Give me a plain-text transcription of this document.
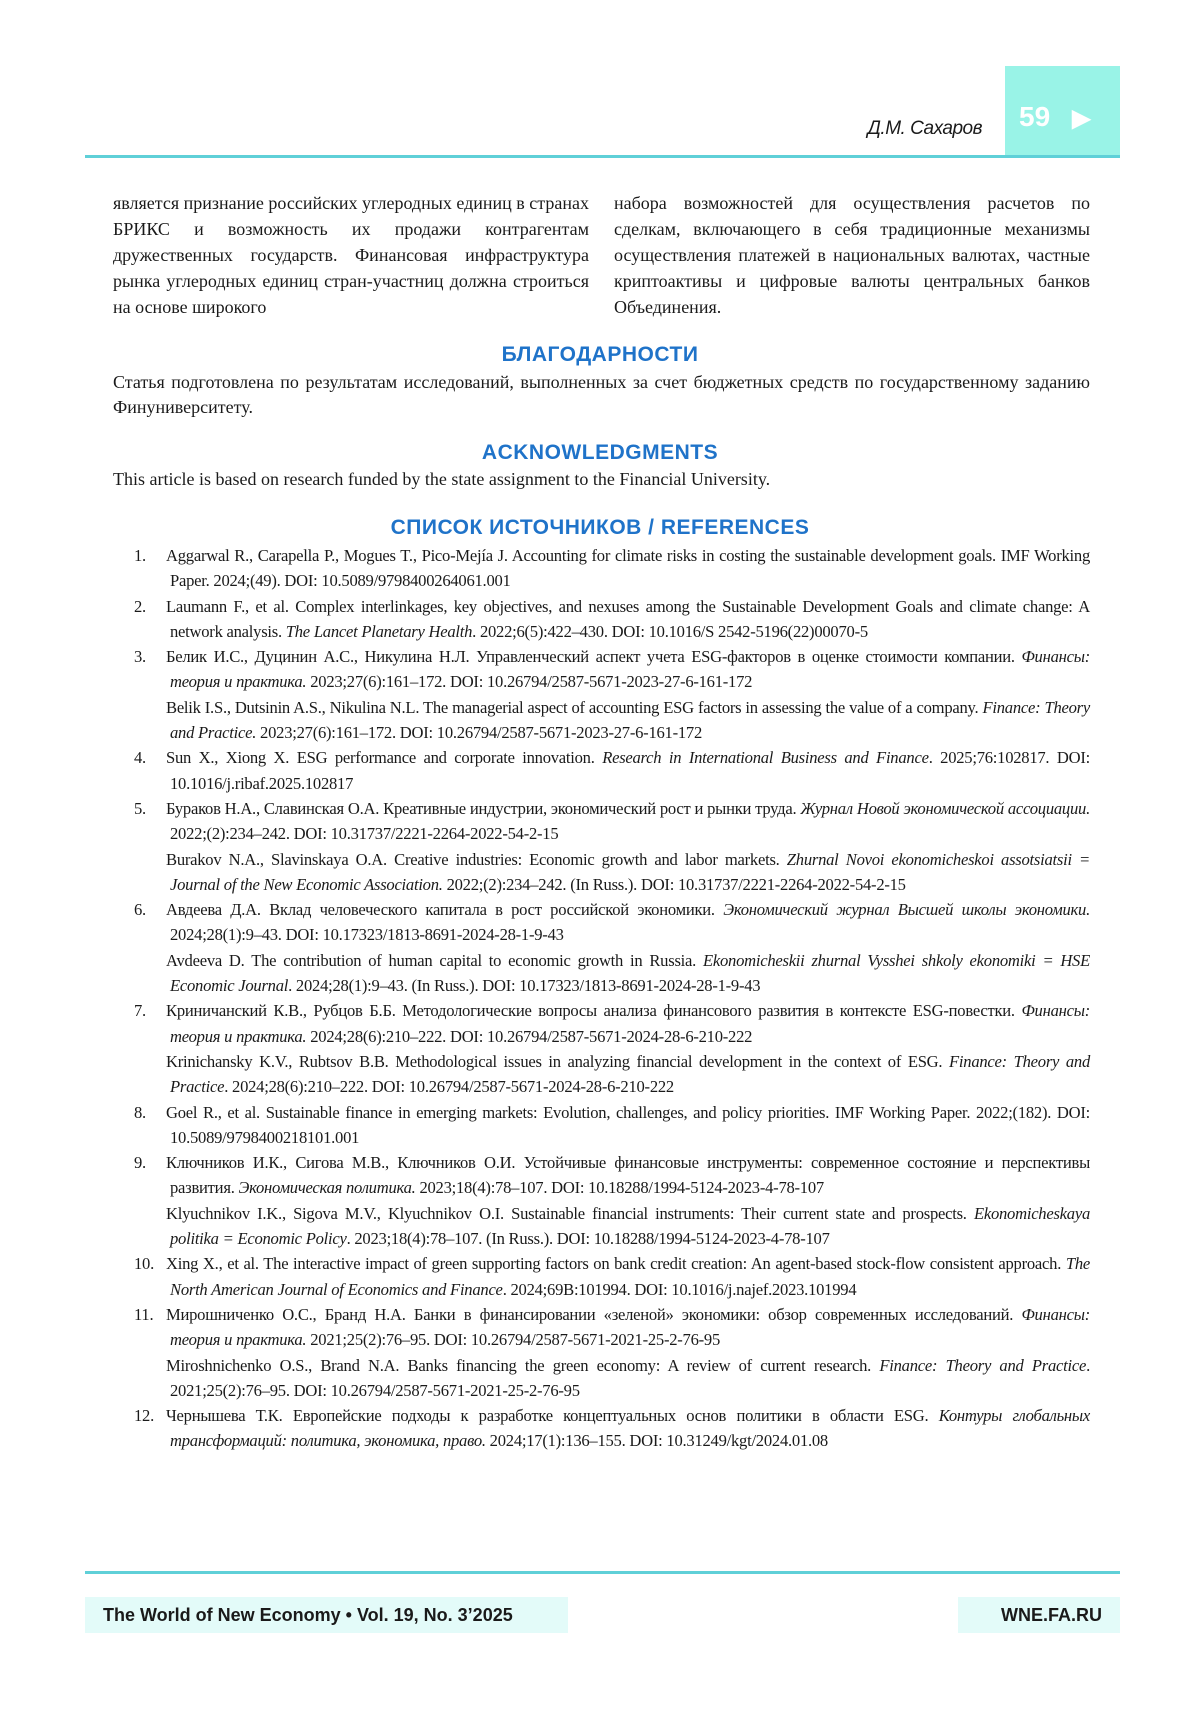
Д.М. Сахаров 59 ▶
является признание российских углеродных единиц в странах БРИКС и возможность их продажи контрагентам дружественных государств. Финансовая инфраструктура рынка углеродных единиц стран-участниц должна строиться на основе широкого
набора возможностей для осуществления расчетов по сделкам, включающего в себя традиционные механизмы осуществления платежей в национальных валютах, частные криптоактивы и цифровые валюты центральных банков Объединения.
БЛАГОДАРНОСТИ
Статья подготовлена по результатам исследований, выполненных за счет бюджетных средств по государственному заданию Финуниверситету.
ACKNOWLEDGMENTS
This article is based on research funded by the state assignment to the Financial University.
СПИСОК ИСТОЧНИКОВ / REFERENCES
1.	Aggarwal R., Carapella P., Mogues T., Pico-Mejía J. Accounting for climate risks in costing the sustainable development goals. IMF Working Paper. 2024;(49). DOI: 10.5089/9798400264061.001

2.	Laumann F., et al. Complex interlinkages, key objectives, and nexuses among the Sustainable Development Goals and climate change: A network analysis. The Lancet Planetary Health. 2022;6(5):422–430. DOI: 10.1016/S 2542-5196(22)00070-5

3.	Белик И.С., Дуцинин А.С., Никулина Н.Л. Управленческий аспект учета ESG-факторов в оценке стоимости компании. Финансы: теория и практика. 2023;27(6):161–172. DOI: 10.26794/2587-5671-2023-27-6-161-172

Belik I.S., Dutsinin A.S., Nikulina N.L. The managerial aspect of accounting ESG factors in assessing the value of a company. Finance: Theory and Practice. 2023;27(6):161–172. DOI: 10.26794/2587-5671-2023-27-6-161-172

4.	Sun X., Xiong X. ESG performance and corporate innovation. Research in International Business and Finance. 2025;76:102817. DOI: 10.1016/j.ribaf.2025.102817

5.	Бураков Н.А., Славинская О.А. Креативные индустрии, экономический рост и рынки труда. Журнал Новой экономической ассоциации. 2022;(2):234–242. DOI: 10.31737/2221-2264-2022-54-2-15

Burakov N.A., Slavinskaya O.A. Creative industries: Economic growth and labor markets. Zhurnal Novoi ekonomicheskoi assotsiatsii = Journal of the New Economic Association. 2022;(2):234–242. (In Russ.). DOI: 10.31737/2221-2264-2022-54-2-15

6.	Авдеева Д.А. Вклад человеческого капитала в рост российской экономики. Экономический журнал Высшей школы экономики. 2024;28(1):9–43. DOI: 10.17323/1813-8691-2024-28-1-9-43

Avdeeva D. The contribution of human capital to economic growth in Russia. Ekonomicheskii zhurnal Vysshei shkoly ekonomiki = HSE Economic Journal. 2024;28(1):9–43. (In Russ.). DOI: 10.17323/1813-8691-2024-28-1-9-43

7.	Криничанский К.В., Рубцов Б.Б. Методологические вопросы анализа финансового развития в контексте ESG-повестки. Финансы: теория и практика. 2024;28(6):210–222. DOI: 10.26794/2587-5671-2024-28-6-210-222

Krinichansky K.V., Rubtsov B.B. Methodological issues in analyzing financial development in the context of ESG. Finance: Theory and Practice. 2024;28(6):210–222. DOI: 10.26794/2587-5671-2024-28-6-210-222

8.	Goel R., et al. Sustainable finance in emerging markets: Evolution, challenges, and policy priorities. IMF Working Paper. 2022;(182). DOI: 10.5089/9798400218101.001

9.	Ключников И.К., Сигова М.В., Ключников О.И. Устойчивые финансовые инструменты: современное состояние и перспективы развития. Экономическая политика. 2023;18(4):78–107. DOI: 10.18288/1994-5124-2023-4-78-107

Klyuchnikov I.K., Sigova M.V., Klyuchnikov O.I. Sustainable financial instruments: Their current state and prospects. Ekonomicheskaya politika = Economic Policy. 2023;18(4):78–107. (In Russ.). DOI: 10.18288/1994-5124-2023-4-78-107

10. Xing X., et al. The interactive impact of green supporting factors on bank credit creation: An agent-based stock-flow consistent approach. The North American Journal of Economics and Finance. 2024;69B:101994. DOI: 10.1016/j.najef.2023.101994

11. Мирошниченко О.С., Бранд Н.А. Банки в финансировании «зеленой» экономики: обзор современных исследований. Финансы: теория и практика. 2021;25(2):76–95. DOI: 10.26794/2587-5671-2021-25-2-76-95

Miroshnichenko O.S., Brand N.A. Banks financing the green economy: A review of current research. Finance: Theory and Practice. 2021;25(2):76–95. DOI: 10.26794/2587-5671-2021-25-2-76-95

12. Чернышева Т.К. Европейские подходы к разработке концептуальных основ политики в области ESG. Контуры глобальных трансформаций: политика, экономика, право. 2024;17(1):136–155. DOI: 10.31249/kgt/2024.01.08

The World of New Economy • Vol. 19, No. 3’2025	WNE.FA.RU
